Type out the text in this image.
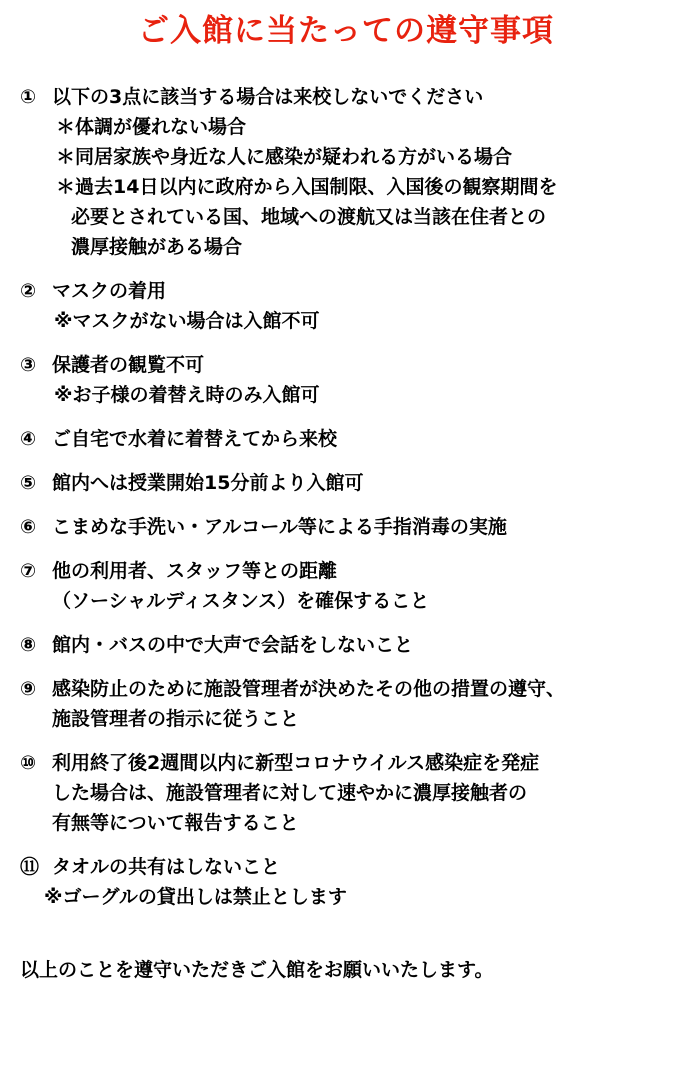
ご入館に当たっての遵守事項
① 以下の3点に該当する場合は来校しないでください
＊体調が優れない場合
＊同居家族や身近な人に感染が疑われる方がいる場合
＊過去14日以内に政府から入国制限、入国後の観察期間を
必要とされている国、地域への渡航又は当該在住者との
濃厚接触がある場合
② マスクの着用
※マスクがない場合は入館不可
③ 保護者の観覧不可
※お子様の着替え時のみ入館可
④ ご自宅で水着に着替えてから来校
⑤ 館内へは授業開始15分前より入館可
⑥ こまめな手洗い・アルコール等による手指消毒の実施
⑦ 他の利用者、スタッフ等との距離
（ソーシャルディスタンス）を確保すること
⑧ 館内・バスの中で大声で会話をしないこと
⑨ 感染防止のために施設管理者が決めたその他の措置の遵守、
施設管理者の指示に従うこと
⑩ 利用終了後2週間以内に新型コロナウイルス感染症を発症
した場合は、施設管理者に対して速やかに濃厚接触者の
有無等について報告すること
⑪ タオルの共有はしないこと
※ゴーグルの貸出しは禁止とします
以上のことを遵守いただきご入館をお願いいたします。
